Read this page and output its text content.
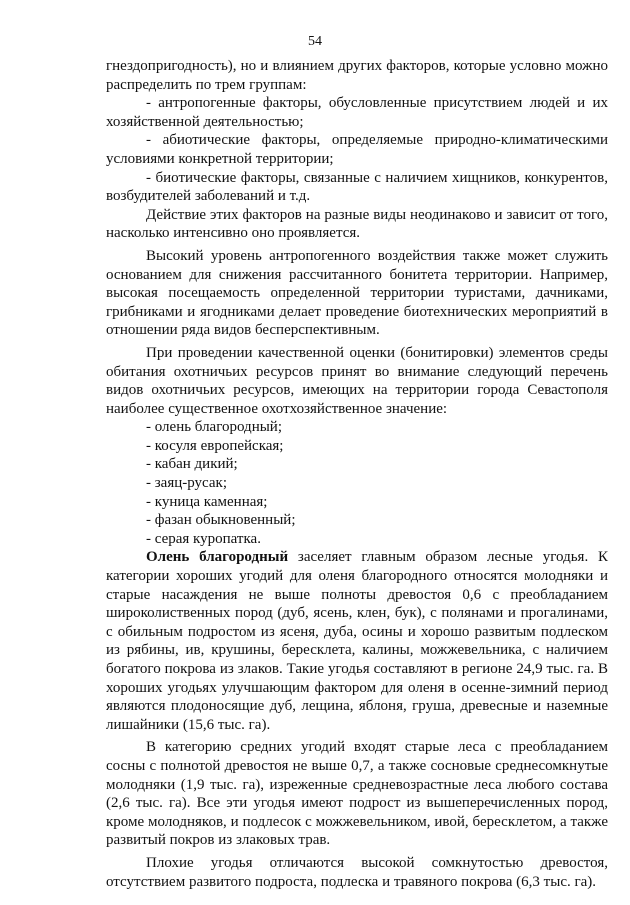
54

гнездопригодность), но и влиянием других факторов, которые условно можно распределить по трем группам:

- антропогенные факторы, обусловленные присутствием людей и их хозяйственной деятельностью;

- абиотические факторы, определяемые природно-климатическими условиями конкретной территории;

- биотические факторы, связанные с наличием хищников, конкурентов, возбудителей заболеваний и т.д.

Действие этих факторов на разные виды неодинаково и зависит от того, насколько интенсивно оно проявляется.

Высокий уровень антропогенного воздействия также может служить основанием для снижения рассчитанного бонитета территории. Например, высокая посещаемость определенной территории туристами, дачниками, грибниками и ягодниками делает проведение биотехнических мероприятий в отношении ряда видов бесперспективным.

При проведении качественной оценки (бонитировки) элементов среды обитания охотничьих ресурсов принят во внимание следующий перечень видов охотничьих ресурсов, имеющих на территории города Севастополя наиболее существенное охотхозяйственное значение:

- олень благородный;

- косуля европейская;

- кабан дикий;

- заяц-русак;

- куница каменная;

- фазан обыкновенный;

- серая куропатка.

Олень благородный заселяет главным образом лесные угодья. К категории хороших угодий для оленя благородного относятся молодняки и старые насаждения не выше полноты древостоя 0,6 с преобладанием широколиственных пород (дуб, ясень, клен, бук), с полянами и прогалинами, с обильным подростом из ясеня, дуба, осины и хорошо развитым подлеском из рябины, ив, крушины, бересклета, калины, можжевельника, с наличием богатого покрова из злаков. Такие угодья составляют в регионе 24,9 тыс. га. В хороших угодьях улучшающим фактором для оленя в осенне-зимний период являются плодоносящие дуб, лещина, яблоня, груша, древесные и наземные лишайники (15,6 тыс. га).

В категорию средних угодий входят старые леса с преобладанием сосны с полнотой древостоя не выше 0,7, а также сосновые среднесомкнутые молодняки (1,9 тыс. га), изреженные средневозрастные леса любого состава (2,6 тыс. га). Все эти угодья имеют подрост из вышеперечисленных пород, кроме молодняков, и подлесок с можжевельником, ивой, бересклетом, а также развитый покров из злаковых трав.

Плохие угодья отличаются высокой сомкнутостью древостоя, отсутствием развитого подроста, подлеска и травяного покрова (6,3 тыс. га).
